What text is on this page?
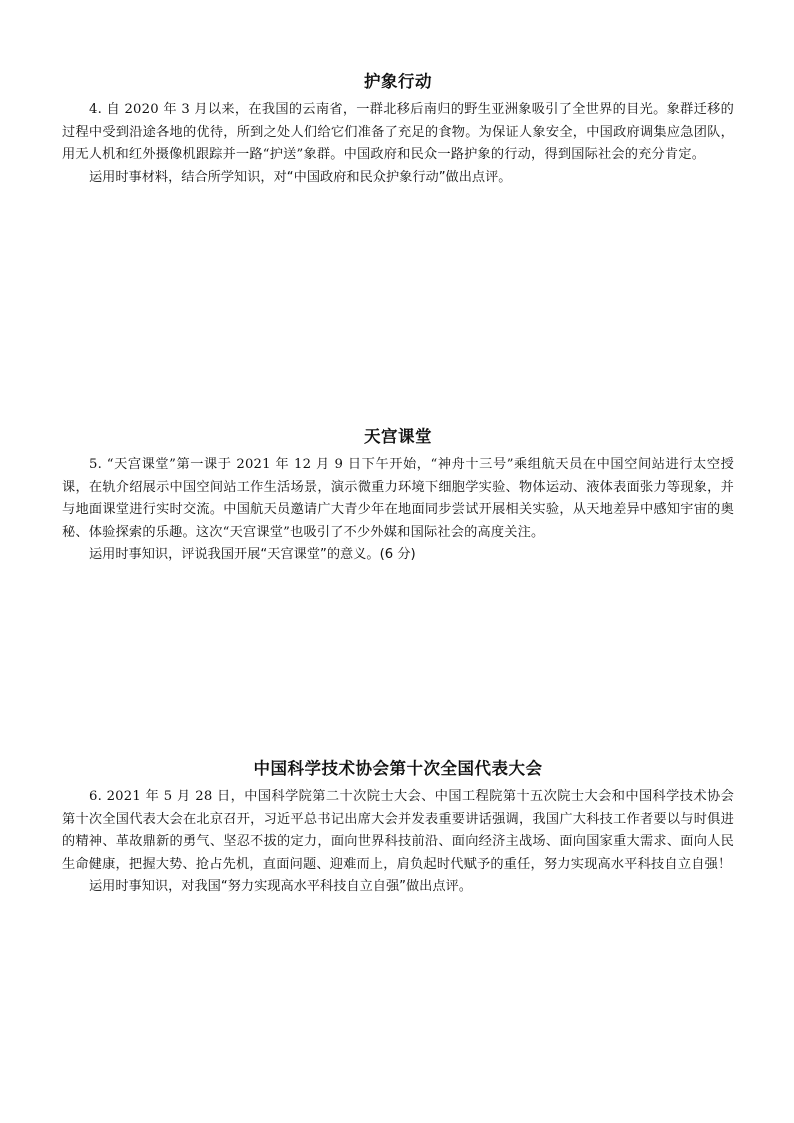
护象行动

4. 自 2020 年 3 月以来，在我国的云南省，一群北移后南归的野生亚洲象吸引了全世界的目光。象群迁移的过程中受到沿途各地的优待，所到之处人们给它们准备了充足的食物。为保证人象安全，中国政府调集应急团队，用无人机和红外摄像机跟踪并一路“护送”象群。中国政府和民众一路护象的行动，得到国际社会的充分肯定。

运用时事材料，结合所学知识，对“中国政府和民众护象行动”做出点评。

天宫课堂

5. “天宫课堂”第一课于 2021 年 12 月 9 日下午开始，“神舟十三号”乘组航天员在中国空间站进行太空授课，在轨介绍展示中国空间站工作生活场景，演示微重力环境下细胞学实验、物体运动、液体表面张力等现象，并与地面课堂进行实时交流。中国航天员邀请广大青少年在地面同步尝试开展相关实验，从天地差异中感知宇宙的奥秘、体验探索的乐趣。这次“天宫课堂”也吸引了不少外媒和国际社会的高度关注。

运用时事知识，评说我国开展“天宫课堂”的意义。(6 分)

中国科学技术协会第十次全国代表大会

6. 2021 年 5 月 28 日，中国科学院第二十次院士大会、中国工程院第十五次院士大会和中国科学技术协会第十次全国代表大会在北京召开，习近平总书记出席大会并发表重要讲话强调，我国广大科技工作者要以与时俱进的精神、革故鼎新的勇气、坚忍不拔的定力，面向世界科技前沿、面向经济主战场、面向国家重大需求、面向人民生命健康，把握大势、抢占先机，直面问题、迎难而上，肩负起时代赋予的重任，努力实现高水平科技自立自强！

运用时事知识，对我国“努力实现高水平科技自立自强”做出点评。
